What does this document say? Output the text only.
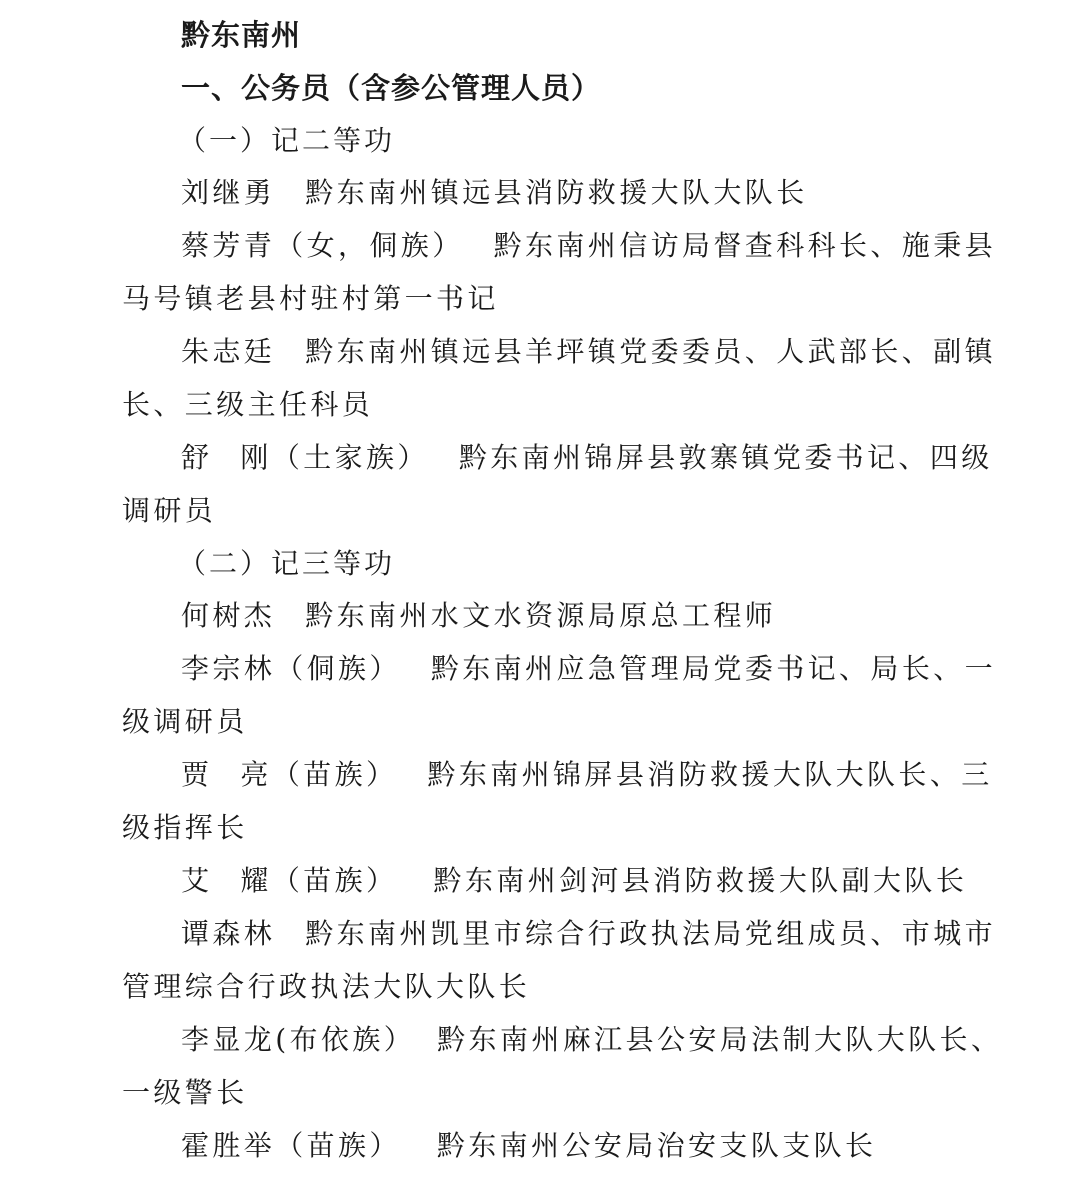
黔东南州
一、公务员（含参公管理人员）
（一）记二等功
刘继勇 黔东南州镇远县消防救援大队大队长
蔡芳青（女，侗族） 黔东南州信访局督查科科长、施秉县
马号镇老县村驻村第一书记
朱志廷 黔东南州镇远县羊坪镇党委委员、人武部长、副镇
长、三级主任科员
舒 刚（土家族） 黔东南州锦屏县敦寨镇党委书记、四级
调研员
（二）记三等功
何树杰 黔东南州水文水资源局原总工程师
李宗林（侗族） 黔东南州应急管理局党委书记、局长、一
级调研员
贾 亮（苗族） 黔东南州锦屏县消防救援大队大队长、三
级指挥长
艾 耀（苗族） 黔东南州剑河县消防救援大队副大队长
谭森林 黔东南州凯里市综合行政执法局党组成员、市城市
管理综合行政执法大队大队长
李显龙(布依族） 黔东南州麻江县公安局法制大队大队长、
一级警长
霍胜举（苗族） 黔东南州公安局治安支队支队长
